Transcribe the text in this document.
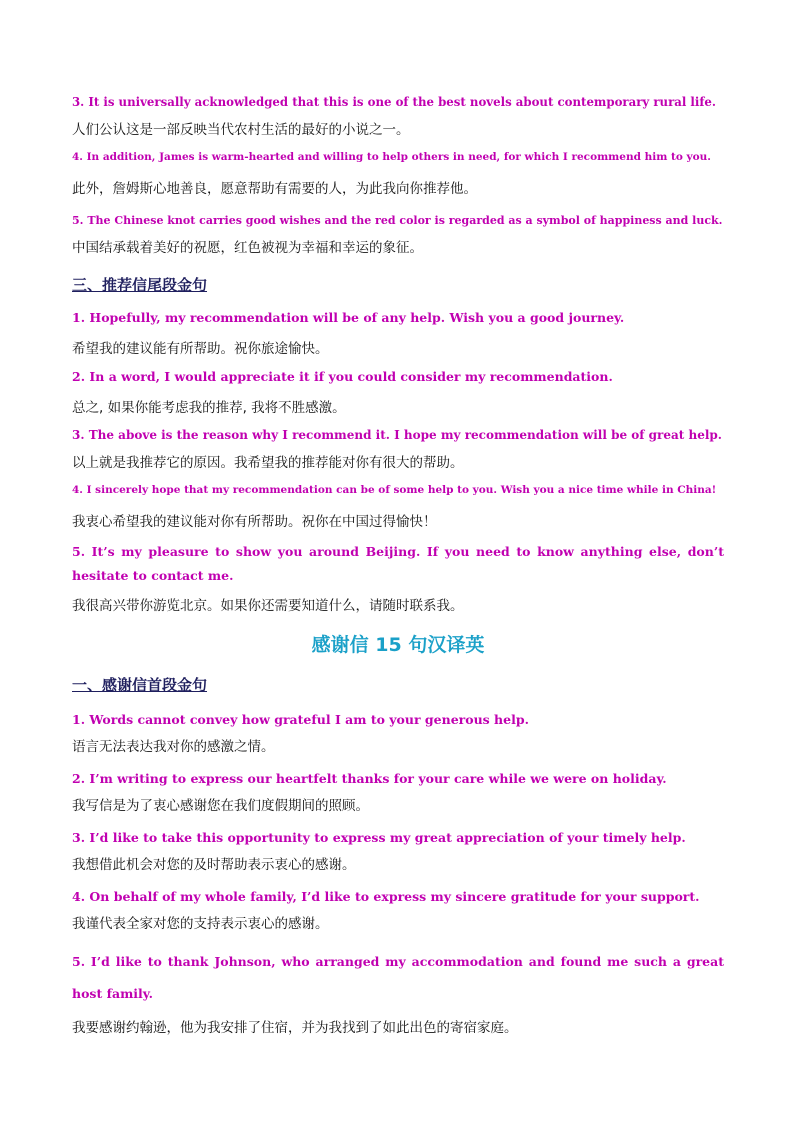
3. It is universally acknowledged that this is one of the best novels about contemporary rural life.

人们公认这是一部反映当代农村生活的最好的小说之一。

4. In addition, James is warm-hearted and willing to help others in need, for which I recommend him to you.

此外，詹姆斯心地善良，愿意帮助有需要的人，为此我向你推荐他。

5. The Chinese knot carries good wishes and the red color is regarded as a symbol of happiness and luck.

中国结承载着美好的祝愿，红色被视为幸福和幸运的象征。

三、推荐信尾段金句

1. Hopefully, my recommendation will be of any help. Wish you a good journey.

希望我的建议能有所帮助。祝你旅途愉快。

2. In a word, I would appreciate it if you could consider my recommendation.

总之, 如果你能考虑我的推荐, 我将不胜感激。

3. The above is the reason why I recommend it. I hope my recommendation will be of great help.

以上就是我推荐它的原因。我希望我的推荐能对你有很大的帮助。

4. I sincerely hope that my recommendation can be of some help to you. Wish you a nice time while in China!

我衷心希望我的建议能对你有所帮助。祝你在中国过得愉快！

5. It’s my pleasure to show you around Beijing. If you need to know anything else, don’t hesitate to contact me.

我很高兴带你游览北京。如果你还需要知道什么，请随时联系我。

感谢信 15 句汉译英

一、感谢信首段金句

1. Words cannot convey how grateful I am to your generous help.

语言无法表达我对你的感激之情。

2. I’m writing to express our heartfelt thanks for your care while we were on holiday.

我写信是为了衷心感谢您在我们度假期间的照顾。

3. I’d like to take this opportunity to express my great appreciation of your timely help.

我想借此机会对您的及时帮助表示衷心的感谢。

4. On behalf of my whole family, I’d like to express my sincere gratitude for your support.

我谨代表全家对您的支持表示衷心的感谢。

5. I’d like to thank Johnson, who arranged my accommodation and found me such a great host family.

我要感谢约翰逊，他为我安排了住宿，并为我找到了如此出色的寄宿家庭。
